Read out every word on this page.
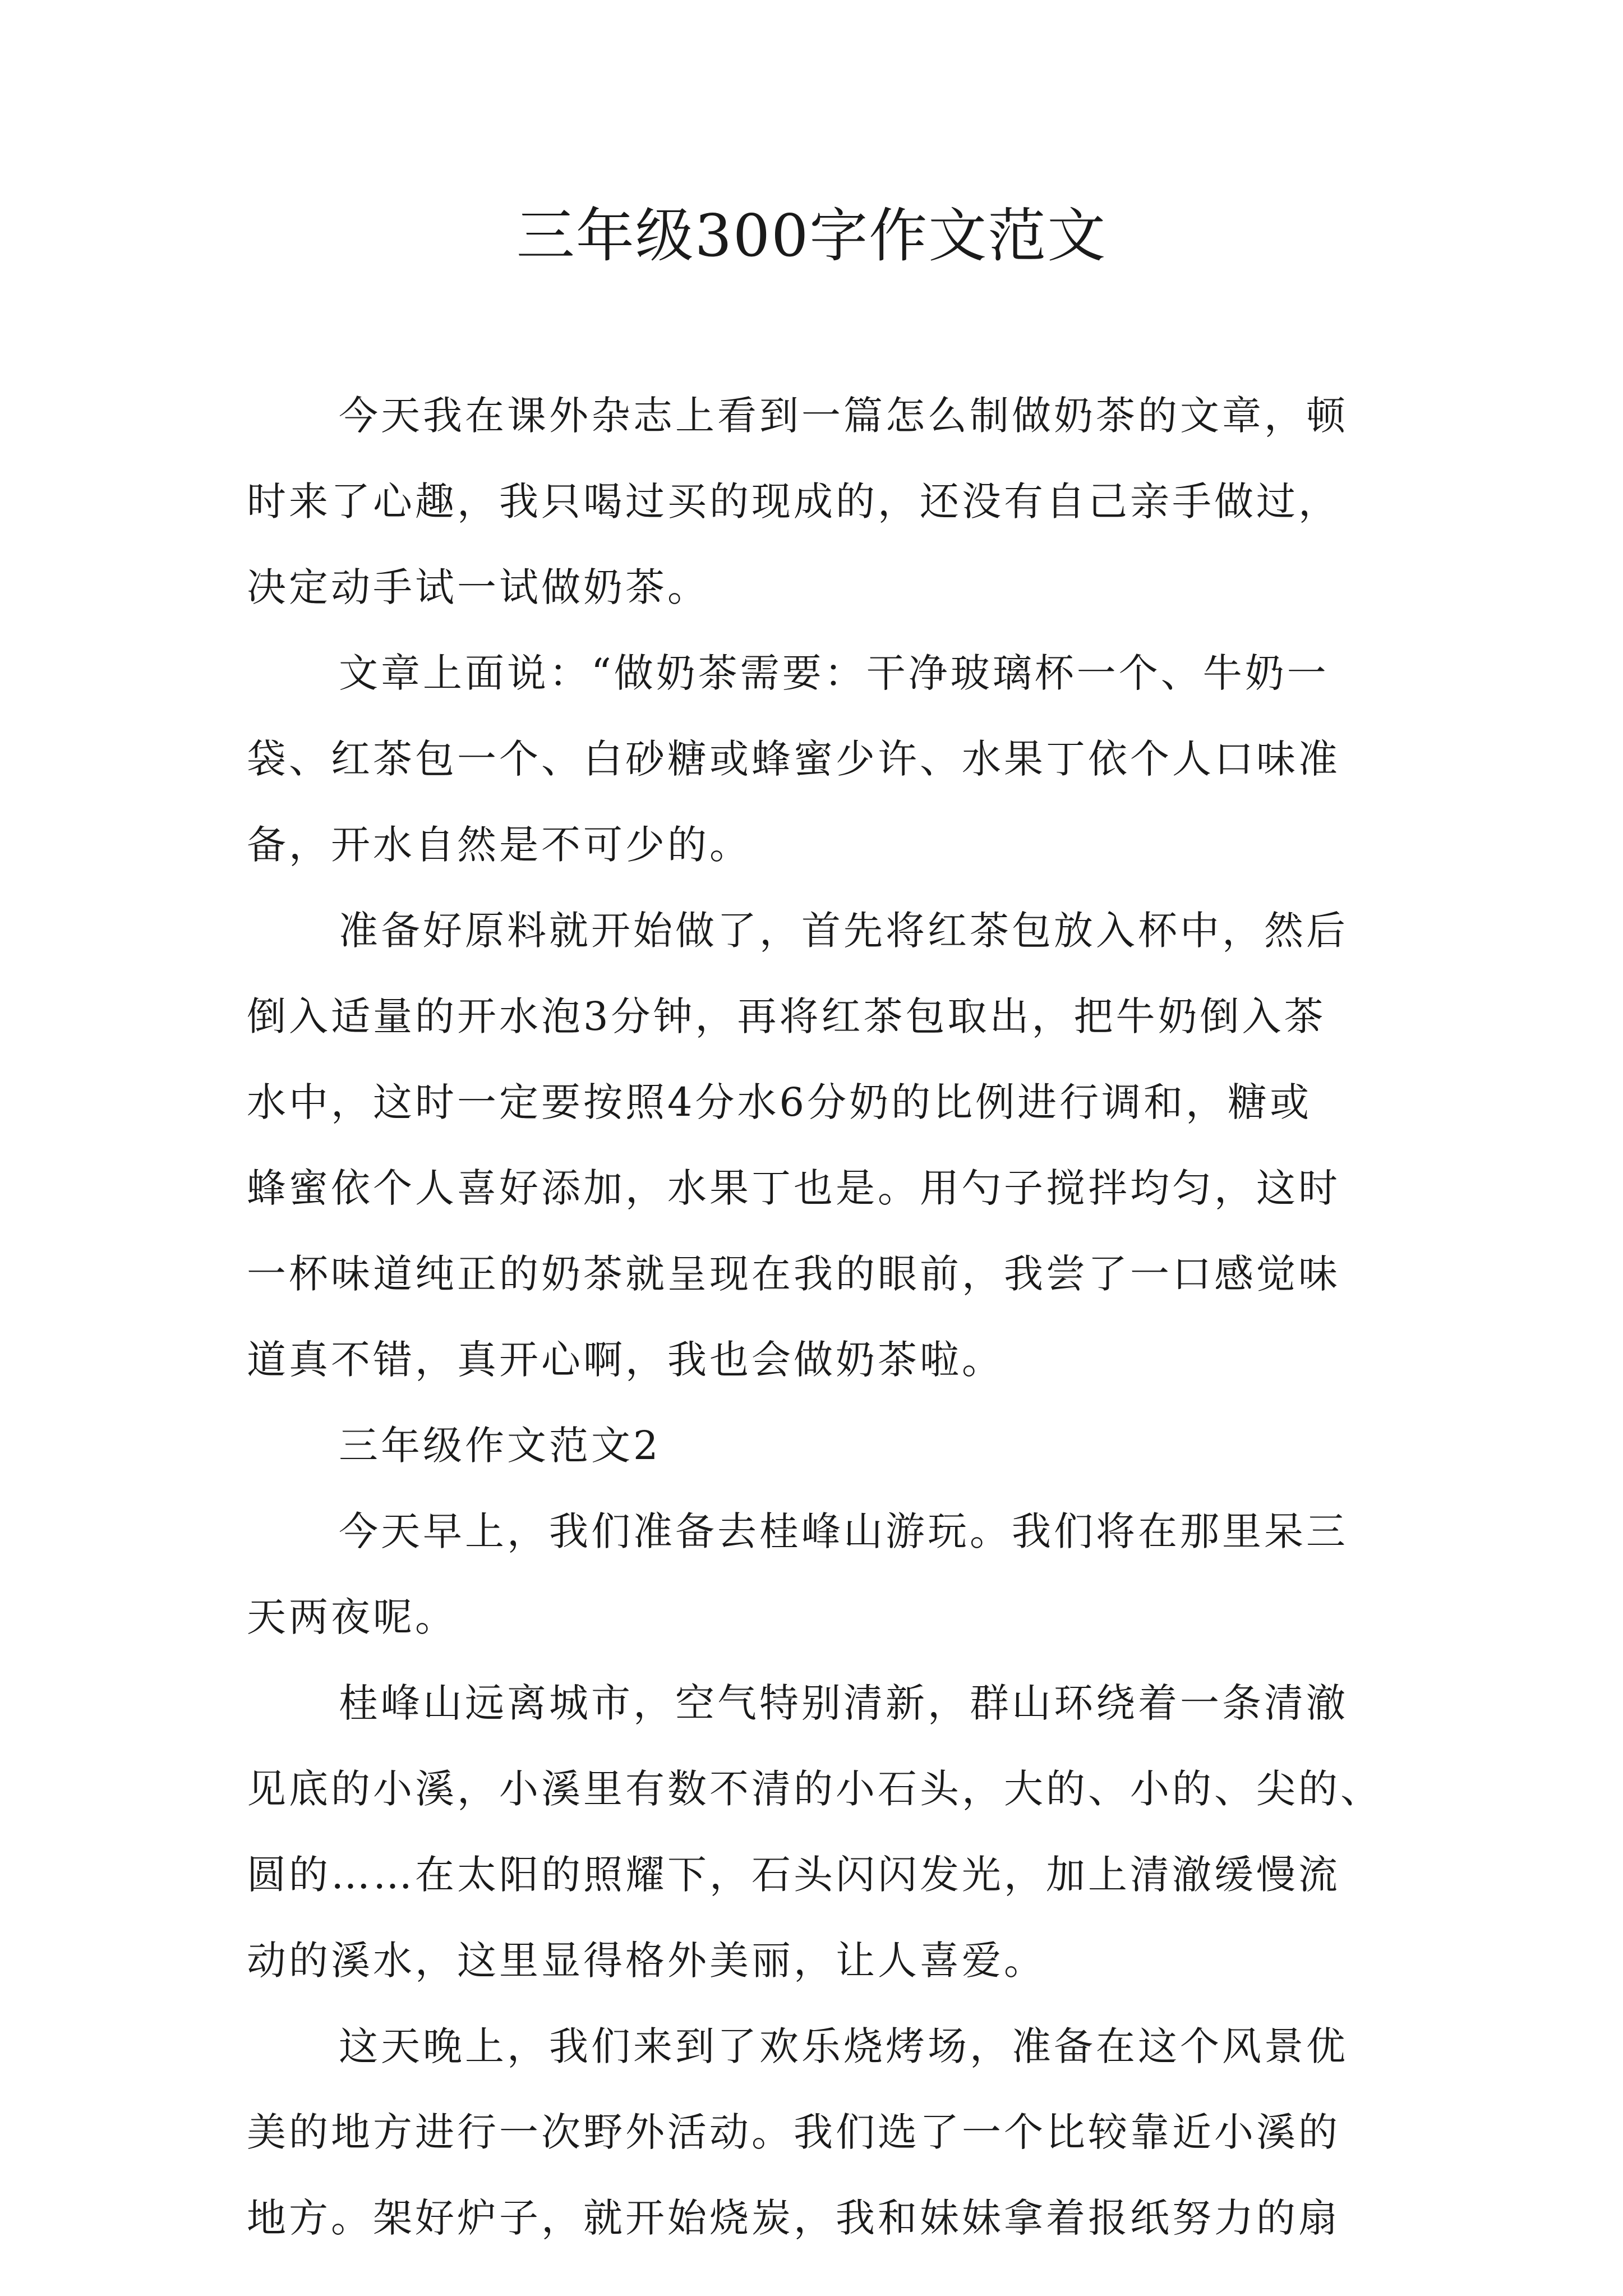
三年级300字作文范文
今天我在课外杂志上看到一篇怎么制做奶茶的文章，顿
时来了心趣，我只喝过买的现成的，还没有自己亲手做过，
决定动手试一试做奶茶。
文章上面说：“做奶茶需要：干净玻璃杯一个、牛奶一
袋、红茶包一个、白砂糖或蜂蜜少许、水果丁依个人口味准
备，开水自然是不可少的。
准备好原料就开始做了，首先将红茶包放入杯中，然后
倒入适量的开水泡3分钟，再将红茶包取出，把牛奶倒入茶
水中，这时一定要按照4分水6分奶的比例进行调和，糖或
蜂蜜依个人喜好添加，水果丁也是。用勺子搅拌均匀，这时
一杯味道纯正的奶茶就呈现在我的眼前，我尝了一口感觉味
道真不错，真开心啊，我也会做奶茶啦。
三年级作文范文2
今天早上，我们准备去桂峰山游玩。我们将在那里呆三
天两夜呢。
桂峰山远离城市，空气特别清新，群山环绕着一条清澈
见底的小溪，小溪里有数不清的小石头，大的、小的、尖的、
圆的……在太阳的照耀下，石头闪闪发光，加上清澈缓慢流
动的溪水，这里显得格外美丽，让人喜爱。
这天晚上，我们来到了欢乐烧烤场，准备在这个风景优
美的地方进行一次野外活动。我们选了一个比较靠近小溪的
地方。架好炉子，就开始烧炭，我和妹妹拿着报纸努力的扇
